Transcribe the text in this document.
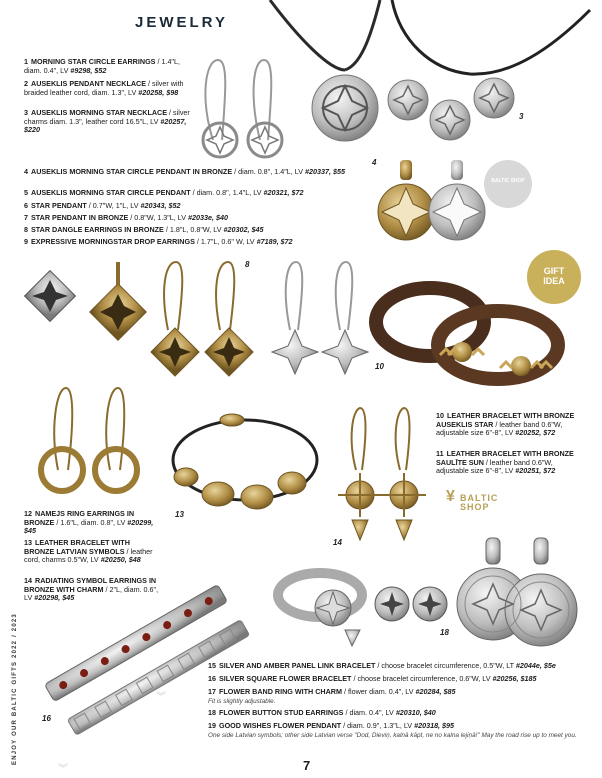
JEWELRY
1 MORNING STAR CIRCLE EARRINGS / 1.4"L, diam. 0.4", LV #9298, $52
2 AUSEKLIS PENDANT NECKLACE / silver with braided leather cord, diam. 1.3", LV #20258, $98
3 AUSEKLIS MORNING STAR NECKLACE / silver charms diam. 1.3", leather cord 16.5"L, LV #20257, $220
4 AUSEKLIS MORNING STAR CIRCLE PENDANT IN BRONZE / diam. 0.8", 1.4"L, LV #20337, $55
5 AUSEKLIS MORNING STAR CIRCLE PENDANT / diam. 0.8", 1.4"L, LV #20321, $72
6 STAR PENDANT / 0.7"W, 1"L, LV #20343, $52
7 STAR PENDANT IN BRONZE / 0.8"W, 1.3"L, LV #2033e, $40
8 STAR DANGLE EARRINGS IN BRONZE / 1.8"L, 0.8"W, LV #20302, $45
9 EXPRESSIVE MORNINGSTAR DROP EARRINGS / 1.7"L, 0.6" W, LV #7189, $72
10 LEATHER BRACELET WITH BRONZE AUSEKLIS STAR / leather band 0.6"W, adjustable size 6"-8", LV #20252, $72
11 LEATHER BRACELET WITH BRONZE SAULĪTE SUN / leather band 0.6"W, adjustable size 6"-8", LV #20251, $72
12 NAMEJS RING EARRINGS IN BRONZE / 1.6"L, diam. 0.8", LV #20299, $45
13 LEATHER BRACELET WITH BRONZE LATVIAN SYMBOLS / leather cord, charms 0.5"W, LV #20250, $48
14 RADIATING SYMBOL EARRINGS IN BRONZE WITH CHARM / 2"L, diam. 0.6", LV #20298, $45
15 SILVER AND AMBER PANEL LINK BRACELET / choose bracelet circumference, 0.5"W, LT #2044e, $5e
16 SILVER SQUARE FLOWER BRACELET / choose bracelet circumference, 0.6"W, LV #20256, $185
17 FLOWER BAND RING WITH CHARM / flower diam. 0.4", LV #20284, $85
Fit is slightly adjustable.
18 FLOWER BUTTON STUD EARRINGS / diam. 0.4", LV #20310, $40
19 GOOD WISHES FLOWER PENDANT / diam. 0.9", 1.3"L, LV #20318, $95
One side Latvian symbols; other side Latvian verse "Dod, Dieviņ, kalnā kāpt, ne no kalna lejiņā!" May the road rise up to meet you.
GIFT
IDEA
BALTIC SHOP
¥ BALTIC
SHOP
ENJOY OUR BALTIC GIFTS 2022 / 2023
3
4
8
10
13
14
16
18
7
︾
︾
